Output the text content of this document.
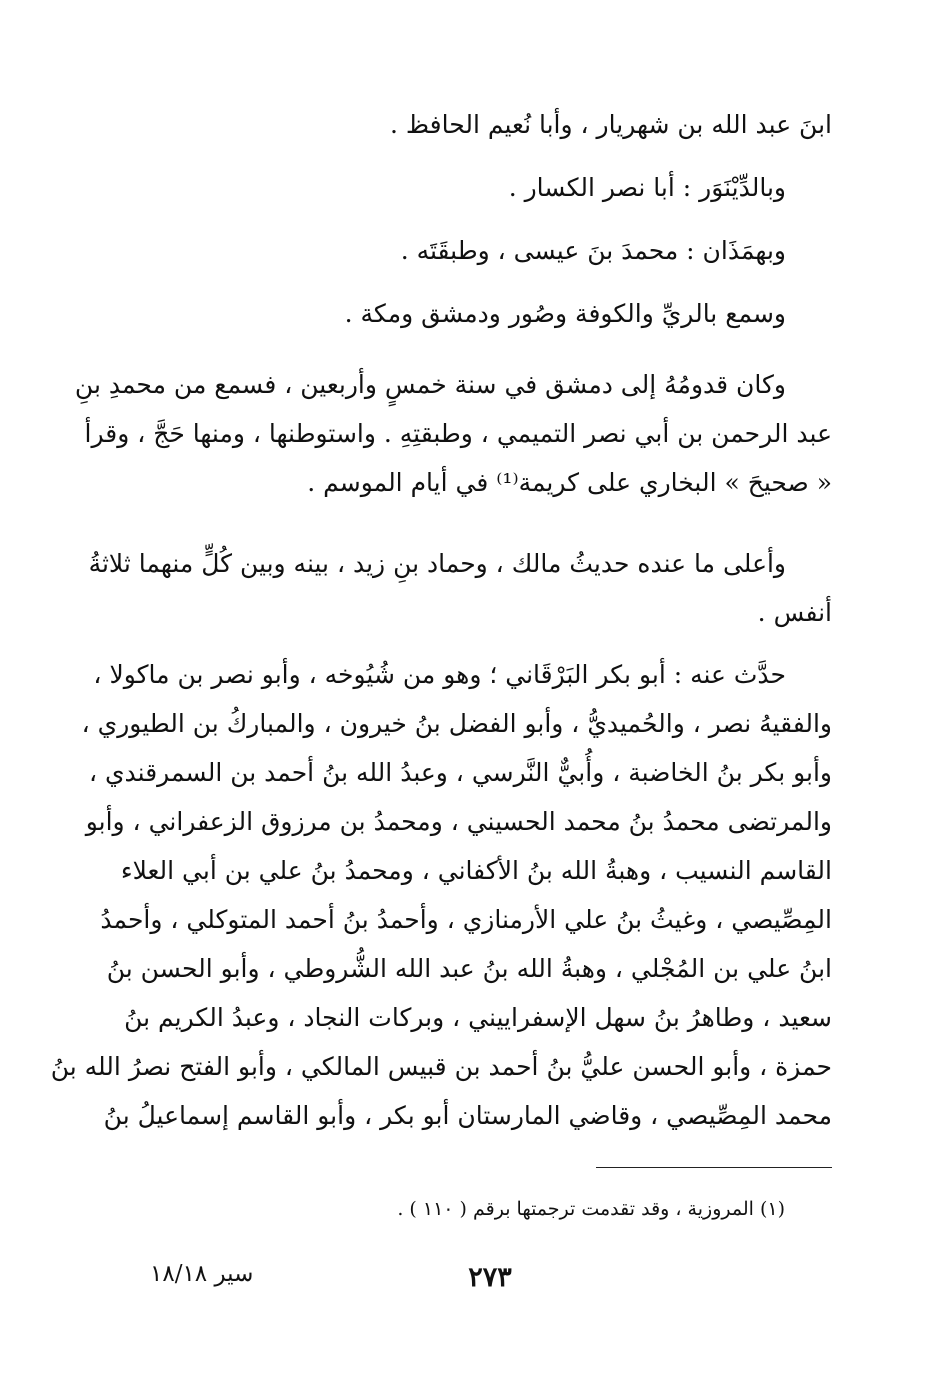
ابنَ عبد الله بن شهريار ، وأبا نُعيم الحافظ .
وبالدِّيْنَوَر : أبا نصر الكسار .
وبهمَذَان : محمدَ بنَ عيسى ، وطبقَتَه .
وسمع بالريِّ والكوفة وصُور ودمشق ومكة .
وكان قدومُهُ إلى دمشق في سنة خمسٍ وأربعين ، فسمع من محمدِ بنِ
عبد الرحمن بن أبي نصر التميمي ، وطبقتِهِ . واستوطنها ، ومنها حَجَّ ، وقرأ
« صحيحَ » البخاري على كريمة⁽¹⁾ في أيام الموسم .
وأعلى ما عنده حديثُ مالك ، وحماد بنِ زيد ، بينه وبين كُلٍّ منهما ثلاثةُ
أنفس .
حدَّث عنه : أبو بكر البَرْقَاني ؛ وهو من شُيُوخه ، وأبو نصر بن ماكولا ،
والفقيهُ نصر ، والحُميديُّ ، وأبو الفضل بنُ خيرون ، والمباركُ بن الطيوري ،
وأبو بكر بنُ الخاضبة ، وأُبيٌّ النَّرسي ، وعبدُ الله بنُ أحمد بن السمرقندي ،
والمرتضى محمدُ بنُ محمد الحسيني ، ومحمدُ بن مرزوق الزعفراني ، وأبو
القاسم النسيب ، وهبةُ الله بنُ الأكفاني ، ومحمدُ بنُ علي بن أبي العلاء
المِصِّيصي ، وغيثُ بنُ علي الأرمنازي ، وأحمدُ بنُ أحمد المتوكلي ، وأحمدُ
ابنُ علي بن المُجْلي ، وهبةُ الله بنُ عبد الله الشُّروطي ، وأبو الحسن بنُ
سعيد ، وطاهرُ بنُ سهل الإسفراييني ، وبركات النجاد ، وعبدُ الكريم بنُ
حمزة ، وأبو الحسن عليُّ بنُ أحمد بن قبيس المالكي ، وأبو الفتح نصرُ الله بنُ
محمد المِصِّيصي ، وقاضي المارستان أبو بكر ، وأبو القاسم إسماعيلُ بنُ
(١) المروزية ، وقد تقدمت ترجمتها برقم ( ١١٠ ) .
٢٧٣
سير ١٨/١٨
